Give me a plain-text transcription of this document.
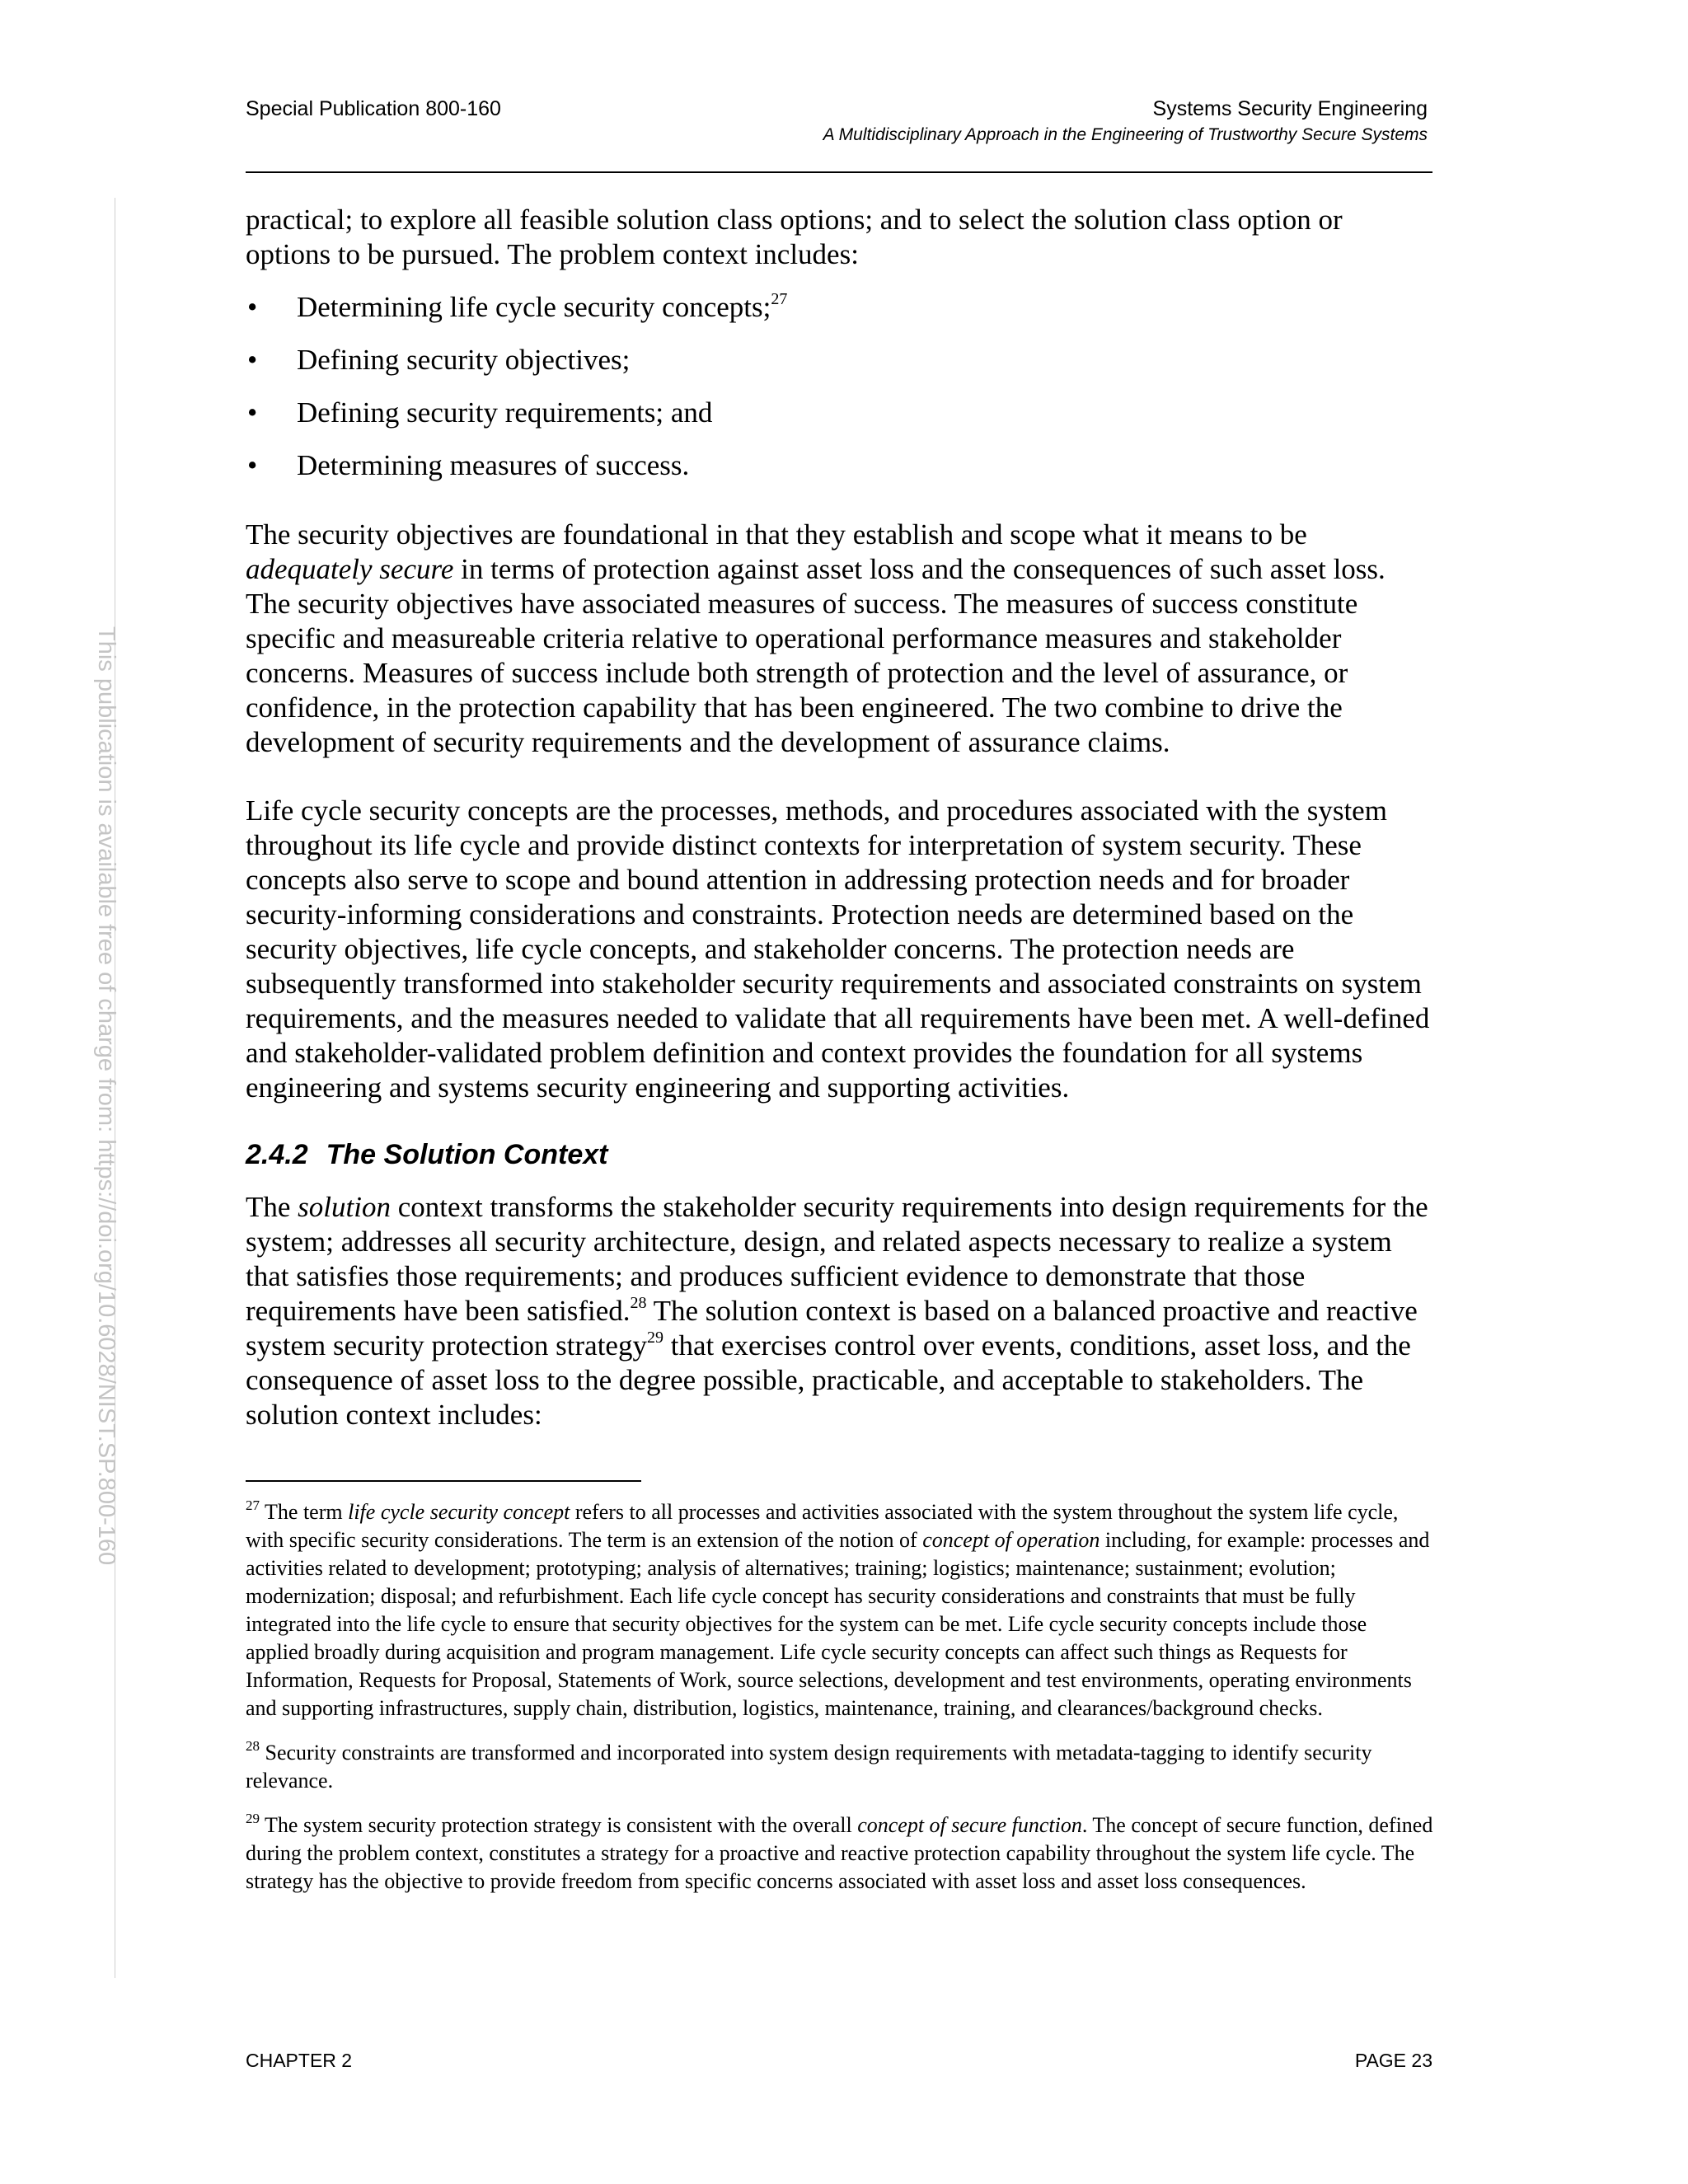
Special Publication 800-160	Systems Security Engineering
A Multidisciplinary Approach in the Engineering of Trustworthy Secure Systems
This publication is available free of charge from: https://doi.org/10.6028/NIST.SP.800-160

practical; to explore all feasible solution class options; and to select the solution class option or options to be pursued. The problem context includes:

• Determining life cycle security concepts;$^{27}$
• Defining security objectives;
• Defining security requirements; and
• Determining measures of success.

The security objectives are foundational in that they establish and scope what it means to be adequately secure in terms of protection against asset loss and the consequences of such asset loss. The security objectives have associated measures of success. The measures of success constitute specific and measureable criteria relative to operational performance measures and stakeholder concerns. Measures of success include both strength of protection and the level of assurance, or confidence, in the protection capability that has been engineered. The two combine to drive the development of security requirements and the development of assurance claims.

Life cycle security concepts are the processes, methods, and procedures associated with the system throughout its life cycle and provide distinct contexts for interpretation of system security. These concepts also serve to scope and bound attention in addressing protection needs and for broader security-informing considerations and constraints. Protection needs are determined based on the security objectives, life cycle concepts, and stakeholder concerns. The protection needs are subsequently transformed into stakeholder security requirements and associated constraints on system requirements, and the measures needed to validate that all requirements have been met. A well-defined and stakeholder-validated problem definition and context provides the foundation for all systems engineering and systems security engineering and supporting activities.

2.4.2 The Solution Context

The solution context transforms the stakeholder security requirements into design requirements for the system; addresses all security architecture, design, and related aspects necessary to realize a system that satisfies those requirements; and produces sufficient evidence to demonstrate that those requirements have been satisfied.$^{28}$ The solution context is based on a balanced proactive and reactive system security protection strategy$^{29}$ that exercises control over events, conditions, asset loss, and the consequence of asset loss to the degree possible, practicable, and acceptable to stakeholders. The solution context includes:

$^{27}$ The term life cycle security concept refers to all processes and activities associated with the system throughout the system life cycle, with specific security considerations. The term is an extension of the notion of concept of operation including, for example: processes and activities related to development; prototyping; analysis of alternatives; training; logistics; maintenance; sustainment; evolution; modernization; disposal; and refurbishment. Each life cycle concept has security considerations and constraints that must be fully integrated into the life cycle to ensure that security objectives for the system can be met. Life cycle security concepts include those applied broadly during acquisition and program management. Life cycle security concepts can affect such things as Requests for Information, Requests for Proposal, Statements of Work, source selections, development and test environments, operating environments and supporting infrastructures, supply chain, distribution, logistics, maintenance, training, and clearances/background checks.

$^{28}$ Security constraints are transformed and incorporated into system design requirements with metadata-tagging to identify security relevance.

$^{29}$ The system security protection strategy is consistent with the overall concept of secure function. The concept of secure function, defined during the problem context, constitutes a strategy for a proactive and reactive protection capability throughout the system life cycle. The strategy has the objective to provide freedom from specific concerns associated with asset loss and asset loss consequences.

CHAPTER 2	PAGE 23
